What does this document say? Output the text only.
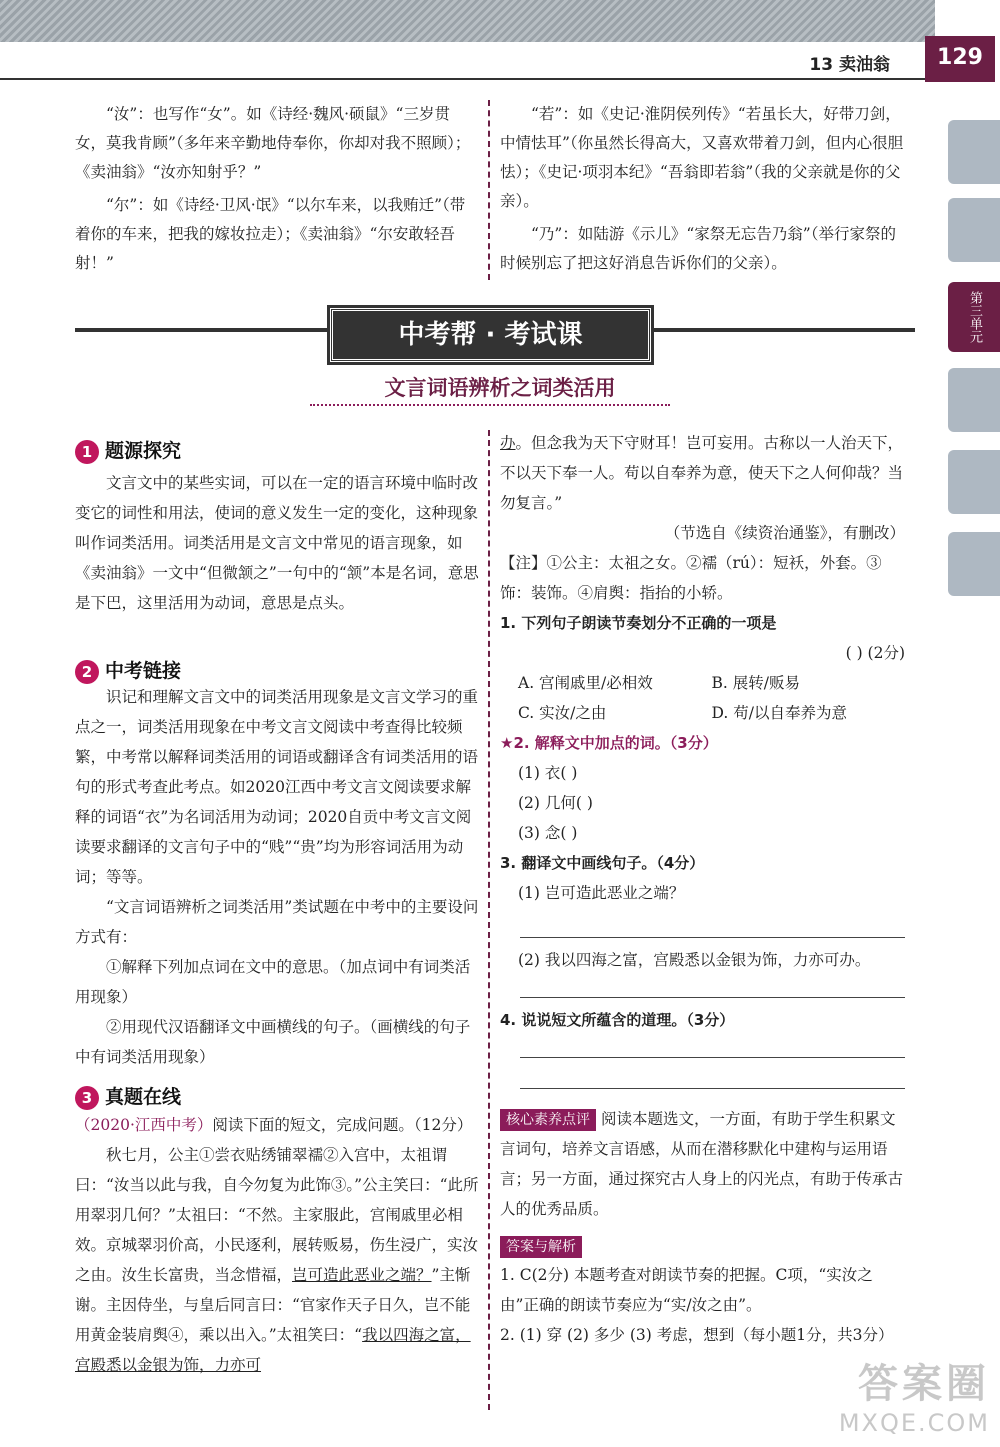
13 卖油翁	129
第三单元

“汝”：也写作“女”。如《诗经·魏风·硕鼠》“三岁贯女，莫我肯顾”（多年来辛勤地侍奉你，你却对我不照顾）；《卖油翁》“汝亦知射乎？”

“尔”：如《诗经·卫风·氓》“以尔车来，以我贿迁”（带着你的车来，把我的嫁妆拉走）；《卖油翁》“尔安敢轻吾射！”

“若”：如《史记·淮阴侯列传》“若虽长大，好带刀剑，中情怯耳”（你虽然长得高大，又喜欢带着刀剑，但内心很胆怯）；《史记·项羽本纪》“吾翁即若翁”（我的父亲就是你的父亲）。

“乃”：如陆游《示儿》“家祭无忘告乃翁”（举行家祭的时候别忘了把这好消息告诉你们的父亲）。

中考帮 · 考试课
文言词语辨析之词类活用
1 题源探究

文言文中的某些实词，可以在一定的语言环境中临时改变它的词性和用法，使词的意义发生一定的变化，这种现象叫作词类活用。词类活用是文言文中常见的语言现象，如《卖油翁》一文中“但微颔之”一句中的“颔”本是名词，意思是下巴，这里活用为动词，意思是点头。

2 中考链接

识记和理解文言文中的词类活用现象是文言文学习的重点之一，词类活用现象在中考文言文阅读中考查得比较频繁，中考常以解释词类活用的词语或翻译含有词类活用的语句的形式考查此考点。如2020江西中考文言文阅读要求解释的词语“衣”为名词活用为动词；2020自贡中考文言文阅读要求翻译的文言句子中的“贱”“贵”均为形容词活用为动词；等等。

“文言词语辨析之词类活用”类试题在中考中的主要设问方式有：

①解释下列加点词在文中的意思。（加点词中有词类活用现象）

②用现代汉语翻译文中画横线的句子。（画横线的句子中有词类活用现象）

3 真题在线

（2020·江西中考）阅读下面的短文，完成问题。（12分）

秋七月，公主①尝衣贴绣铺翠襦②入宫中，太祖谓曰：“汝当以此与我，自今勿复为此饰③。”公主笑曰：“此所用翠羽几何？”太祖曰：“不然。主家服此，宫闱戚里必相效。京城翠羽价高，小民逐利，展转贩易，伤生浸广，实汝之由。汝生长富贵，当念惜福，岂可造此恶业之端？”主惭谢。主因侍坐，与皇后同言曰：“官家作天子日久，岂不能用黄金装肩舆④，乘以出入。”太祖笑曰：“我以四海之富，宫殿悉以金银为饰，力亦可

办。但念我为天下守财耳！岂可妄用。古称以一人治天下，不以天下奉一人。苟以自奉养为意，使天下之人何仰哉？当勿复言。”

（节选自《续资治通鉴》，有删改）

【注】①公主：太祖之女。②襦（rú）：短袄，外套。③饰：装饰。④肩舆：指抬的小轿。

1. 下列句子朗读节奏划分不正确的一项是

( ) (2分)

A. 宫闱戚里/必相效	B. 展转/贩易
C. 实汝/之由	D. 苟/以自奉养为意

★2. 解释文中加点的词。（3分）

(1) 衣( )

(2) 几何( )

(3) 念( )

3. 翻译文中画线句子。（4分）

(1) 岂可造此恶业之端？

(2) 我以四海之富，宫殿悉以金银为饰，力亦可办。

4. 说说短文所蕴含的道理。（3分）

核心素养点评 阅读本题选文，一方面，有助于学生积累文言词句，培养文言语感，从而在潜移默化中建构与运用语言；另一方面，通过探究古人身上的闪光点，有助于传承古人的优秀品质。

答案与解析

1. C(2分) 本题考查对朗读节奏的把握。C项，“实汝之由”正确的朗读节奏应为“实/汝之由”。

2. (1) 穿 (2) 多少 (3) 考虑，想到（每小题1分，共3分）

答案圈
MXQE.COM
